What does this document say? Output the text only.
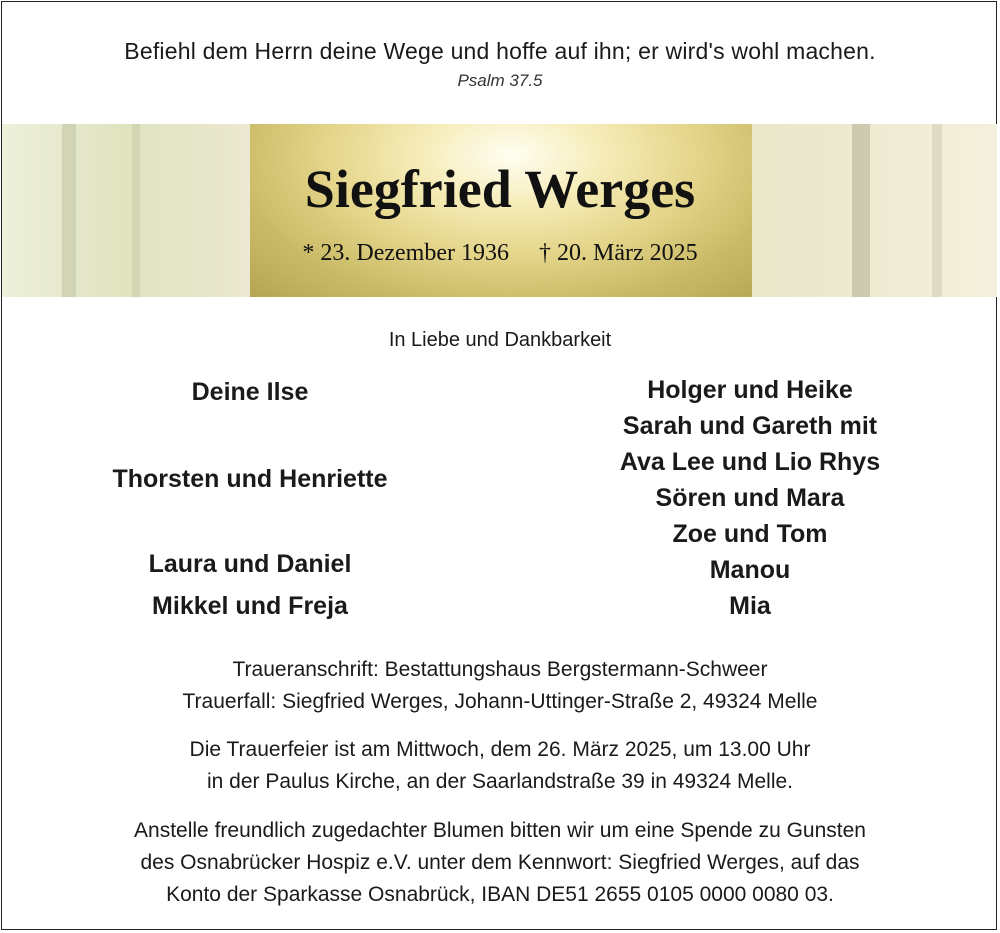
Befiehl dem Herrn deine Wege und hoffe auf ihn; er wird's wohl machen.
Psalm 37.5
Siegfried Werges
* 23. Dezember 1936 † 20. März 2025
In Liebe und Dankbarkeit
Deine Ilse
Thorsten und Henriette
Laura und Daniel
Mikkel und Freja
Holger und Heike
Sarah und Gareth mit
Ava Lee und Lio Rhys
Sören und Mara
Zoe und Tom
Manou
Mia
Traueranschrift: Bestattungshaus Bergstermann-Schweer
Trauerfall: Siegfried Werges, Johann-Uttinger-Straße 2, 49324 Melle
Die Trauerfeier ist am Mittwoch, dem 26. März 2025, um 13.00 Uhr
in der Paulus Kirche, an der Saarlandstraße 39 in 49324 Melle.
Anstelle freundlich zugedachter Blumen bitten wir um eine Spende zu Gunsten
des Osnabrücker Hospiz e.V. unter dem Kennwort: Siegfried Werges, auf das
Konto der Sparkasse Osnabrück, IBAN DE51 2655 0105 0000 0080 03.
